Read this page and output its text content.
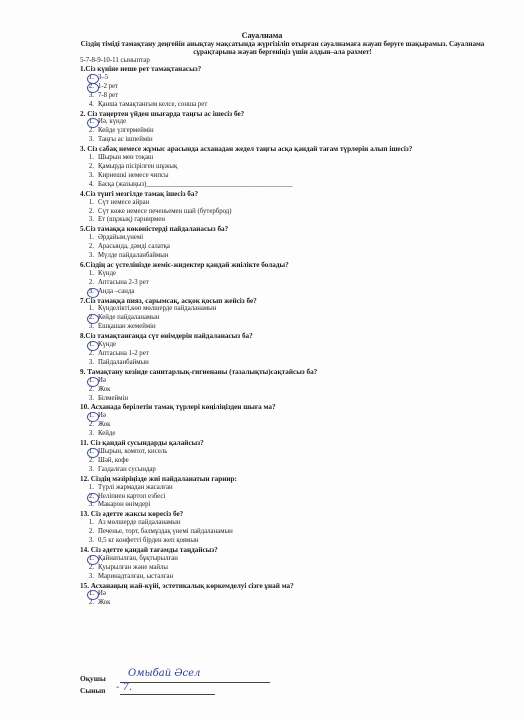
Сауалнама
Сіздің тіміді тамақтану деңгейін анықтау мақсатында жүргізіліп отырған сауалнамаға жауап беруге шақырамыз. Сауалнама сұрақтарына жауап бергеніңіз үшін алдын–ала рахмет!
5-7-8-9-10-11 сыныптар
1.Сіз күніне неше рет тамақтанасыз?
1. 3–5
2. 1-2 рет
3. 7-8 рет
4. Қанша тамақтанғым келсе, сонша рет
2. Сіз таңертен үйден шығарда таңғы ас ішесіз бе?
1. Иә, күнде
2. Кейде үлгермеймін
3. Таңғы ас ішпеймін
3. Сіз сабақ немесе жұмыс арасында асханадан жедел таңғы асқа қандай тағам түрлерін алып ішесіз?
1. Шырын мен тоқаш
2. Қамырда пісірілген шұжық
3. Кириешкі немесе чипсы
4. Басқа (жазыңыз)___________________________________________
4.Сіз түнгі мезгілде тамақ ішесіз ба?
1. Сүт немесе айран
2. Сүт көже немесе печеньемен шай (бутерброд)
3. Ет (шұжық) гарнирмен
5.Сіз тамаққа көкөністерді пайдаланасыз ба?
1. Әрдайым,үнемі
2. Арасында, дәмді салатқа
3. Мүлде пайдаланбаймын
6.Сіздің ас үстелініздe жеміс-жидектер қандай жиілікте болады?
1. Күнде
2. Аптасына 2-3 рет
3. Анда –санда
7.Сіз тамаққа пияз, сарымсақ, асқок қосып жейсіз бе?
1. Күнделікті,көп мөлшерде пайдаланамын
2. Кейде пайдаланамын
3. Ешқашан жемеймін
8.Сіз тамақтанғанда сүт өнімдерін пайдаланасыз ба?
1. Күнде
2. Аптасына 1-2 рет
3. Пайдаланбаймын
9. Тамақтану кезінде санитарлық-гигиенаны (тазалықты)сақтайсыз ба?
1. Иә
2. Жок
3. Білмеймін
10. Асханада берілетін тамақ түрлері көңіліңізден шыға ма?
1. Иә
2. Жок
3. Кейде
11. Сіз қандай сусындарды қалайсыз?
1. Шырын, компот, кисель
2. Шәй, кофе
3. Газдалған сусындар
12. Сіздің мәзіріңізде жиі пайдаланатын гарнир:
1. Түрлі жармадан жасалған
2. Неліпиен картоп езбесі
3. Макарон өнімдері
13. Сіз әдетте жаксы көресіз бе?
1. Аз мөлшерде пайдаланамын
2. Печенье, торт, бәлмұздақ үнемі пайдаланамын
3. 0,5 кг конфетті бірден жеп қоямын
14. Сіз әдетте қандай тағамды таңдайсыз?
1. Қайнатылған, бұқтырылған
2. Қуырылған және майлы
3. Маринадталған, ысталған
15. Асханаңың жай-күйі, эстетикалық көркемделуі сізге ұнай ма?
1. Иә
2. Жок
Оқушы Омыбай Әсел
Сынып - 7.
